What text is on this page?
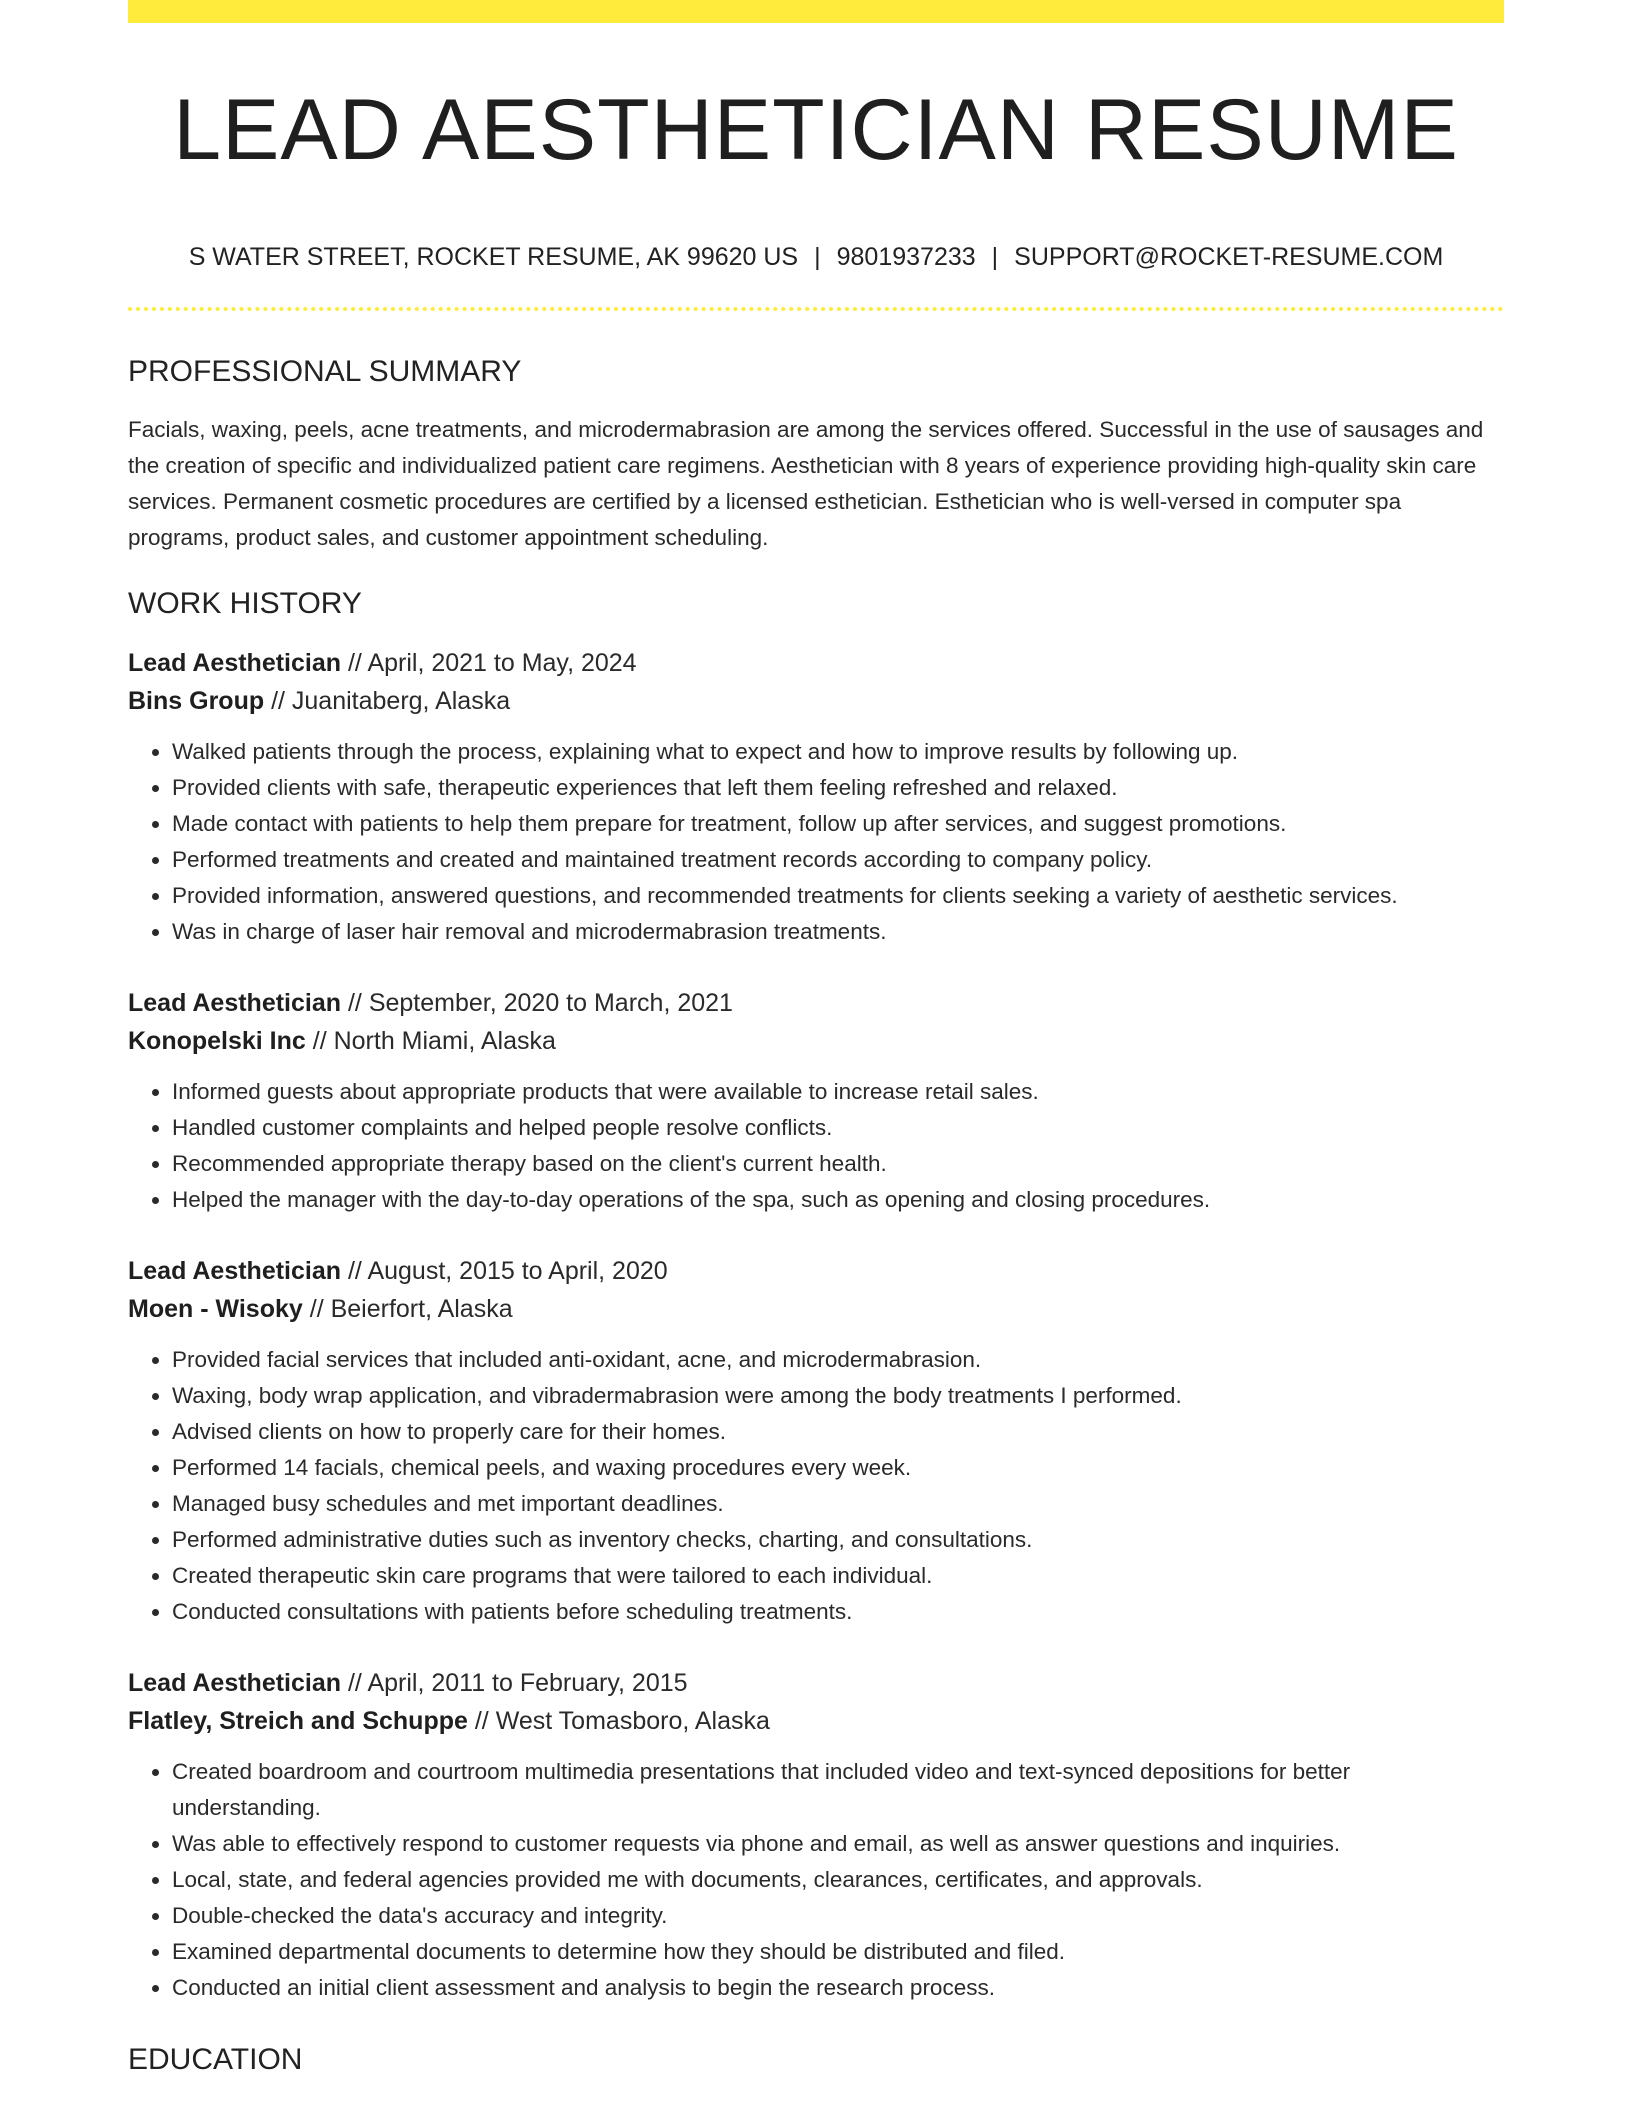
LEAD AESTHETICIAN RESUME
S WATER STREET, ROCKET RESUME, AK 99620 US | 9801937233 | SUPPORT@ROCKET-RESUME.COM
PROFESSIONAL SUMMARY

Facials, waxing, peels, acne treatments, and microdermabrasion are among the services offered. Successful in the use of sausages and the creation of specific and individualized patient care regimens. Aesthetician with 8 years of experience providing high-quality skin care services. Permanent cosmetic procedures are certified by a licensed esthetician. Esthetician who is well-versed in computer spa programs, product sales, and customer appointment scheduling.

WORK HISTORY
Lead Aesthetician // April, 2021 to May, 2024
Bins Group // Juanitaberg, Alaska
• Walked patients through the process, explaining what to expect and how to improve results by following up.
• Provided clients with safe, therapeutic experiences that left them feeling refreshed and relaxed.
• Made contact with patients to help them prepare for treatment, follow up after services, and suggest promotions.
• Performed treatments and created and maintained treatment records according to company policy.
• Provided information, answered questions, and recommended treatments for clients seeking a variety of aesthetic services.
• Was in charge of laser hair removal and microdermabrasion treatments.
Lead Aesthetician // September, 2020 to March, 2021
Konopelski Inc // North Miami, Alaska
• Informed guests about appropriate products that were available to increase retail sales.
• Handled customer complaints and helped people resolve conflicts.
• Recommended appropriate therapy based on the client's current health.
• Helped the manager with the day-to-day operations of the spa, such as opening and closing procedures.
Lead Aesthetician // August, 2015 to April, 2020
Moen - Wisoky // Beierfort, Alaska
• Provided facial services that included anti-oxidant, acne, and microdermabrasion.
• Waxing, body wrap application, and vibradermabrasion were among the body treatments I performed.
• Advised clients on how to properly care for their homes.
• Performed 14 facials, chemical peels, and waxing procedures every week.
• Managed busy schedules and met important deadlines.
• Performed administrative duties such as inventory checks, charting, and consultations.
• Created therapeutic skin care programs that were tailored to each individual.
• Conducted consultations with patients before scheduling treatments.
Lead Aesthetician // April, 2011 to February, 2015
Flatley, Streich and Schuppe // West Tomasboro, Alaska
• Created boardroom and courtroom multimedia presentations that included video and text-synced depositions for better understanding.
• Was able to effectively respond to customer requests via phone and email, as well as answer questions and inquiries.
• Local, state, and federal agencies provided me with documents, clearances, certificates, and approvals.
• Double-checked the data's accuracy and integrity.
• Examined departmental documents to determine how they should be distributed and filed.
• Conducted an initial client assessment and analysis to begin the research process.
EDUCATION
